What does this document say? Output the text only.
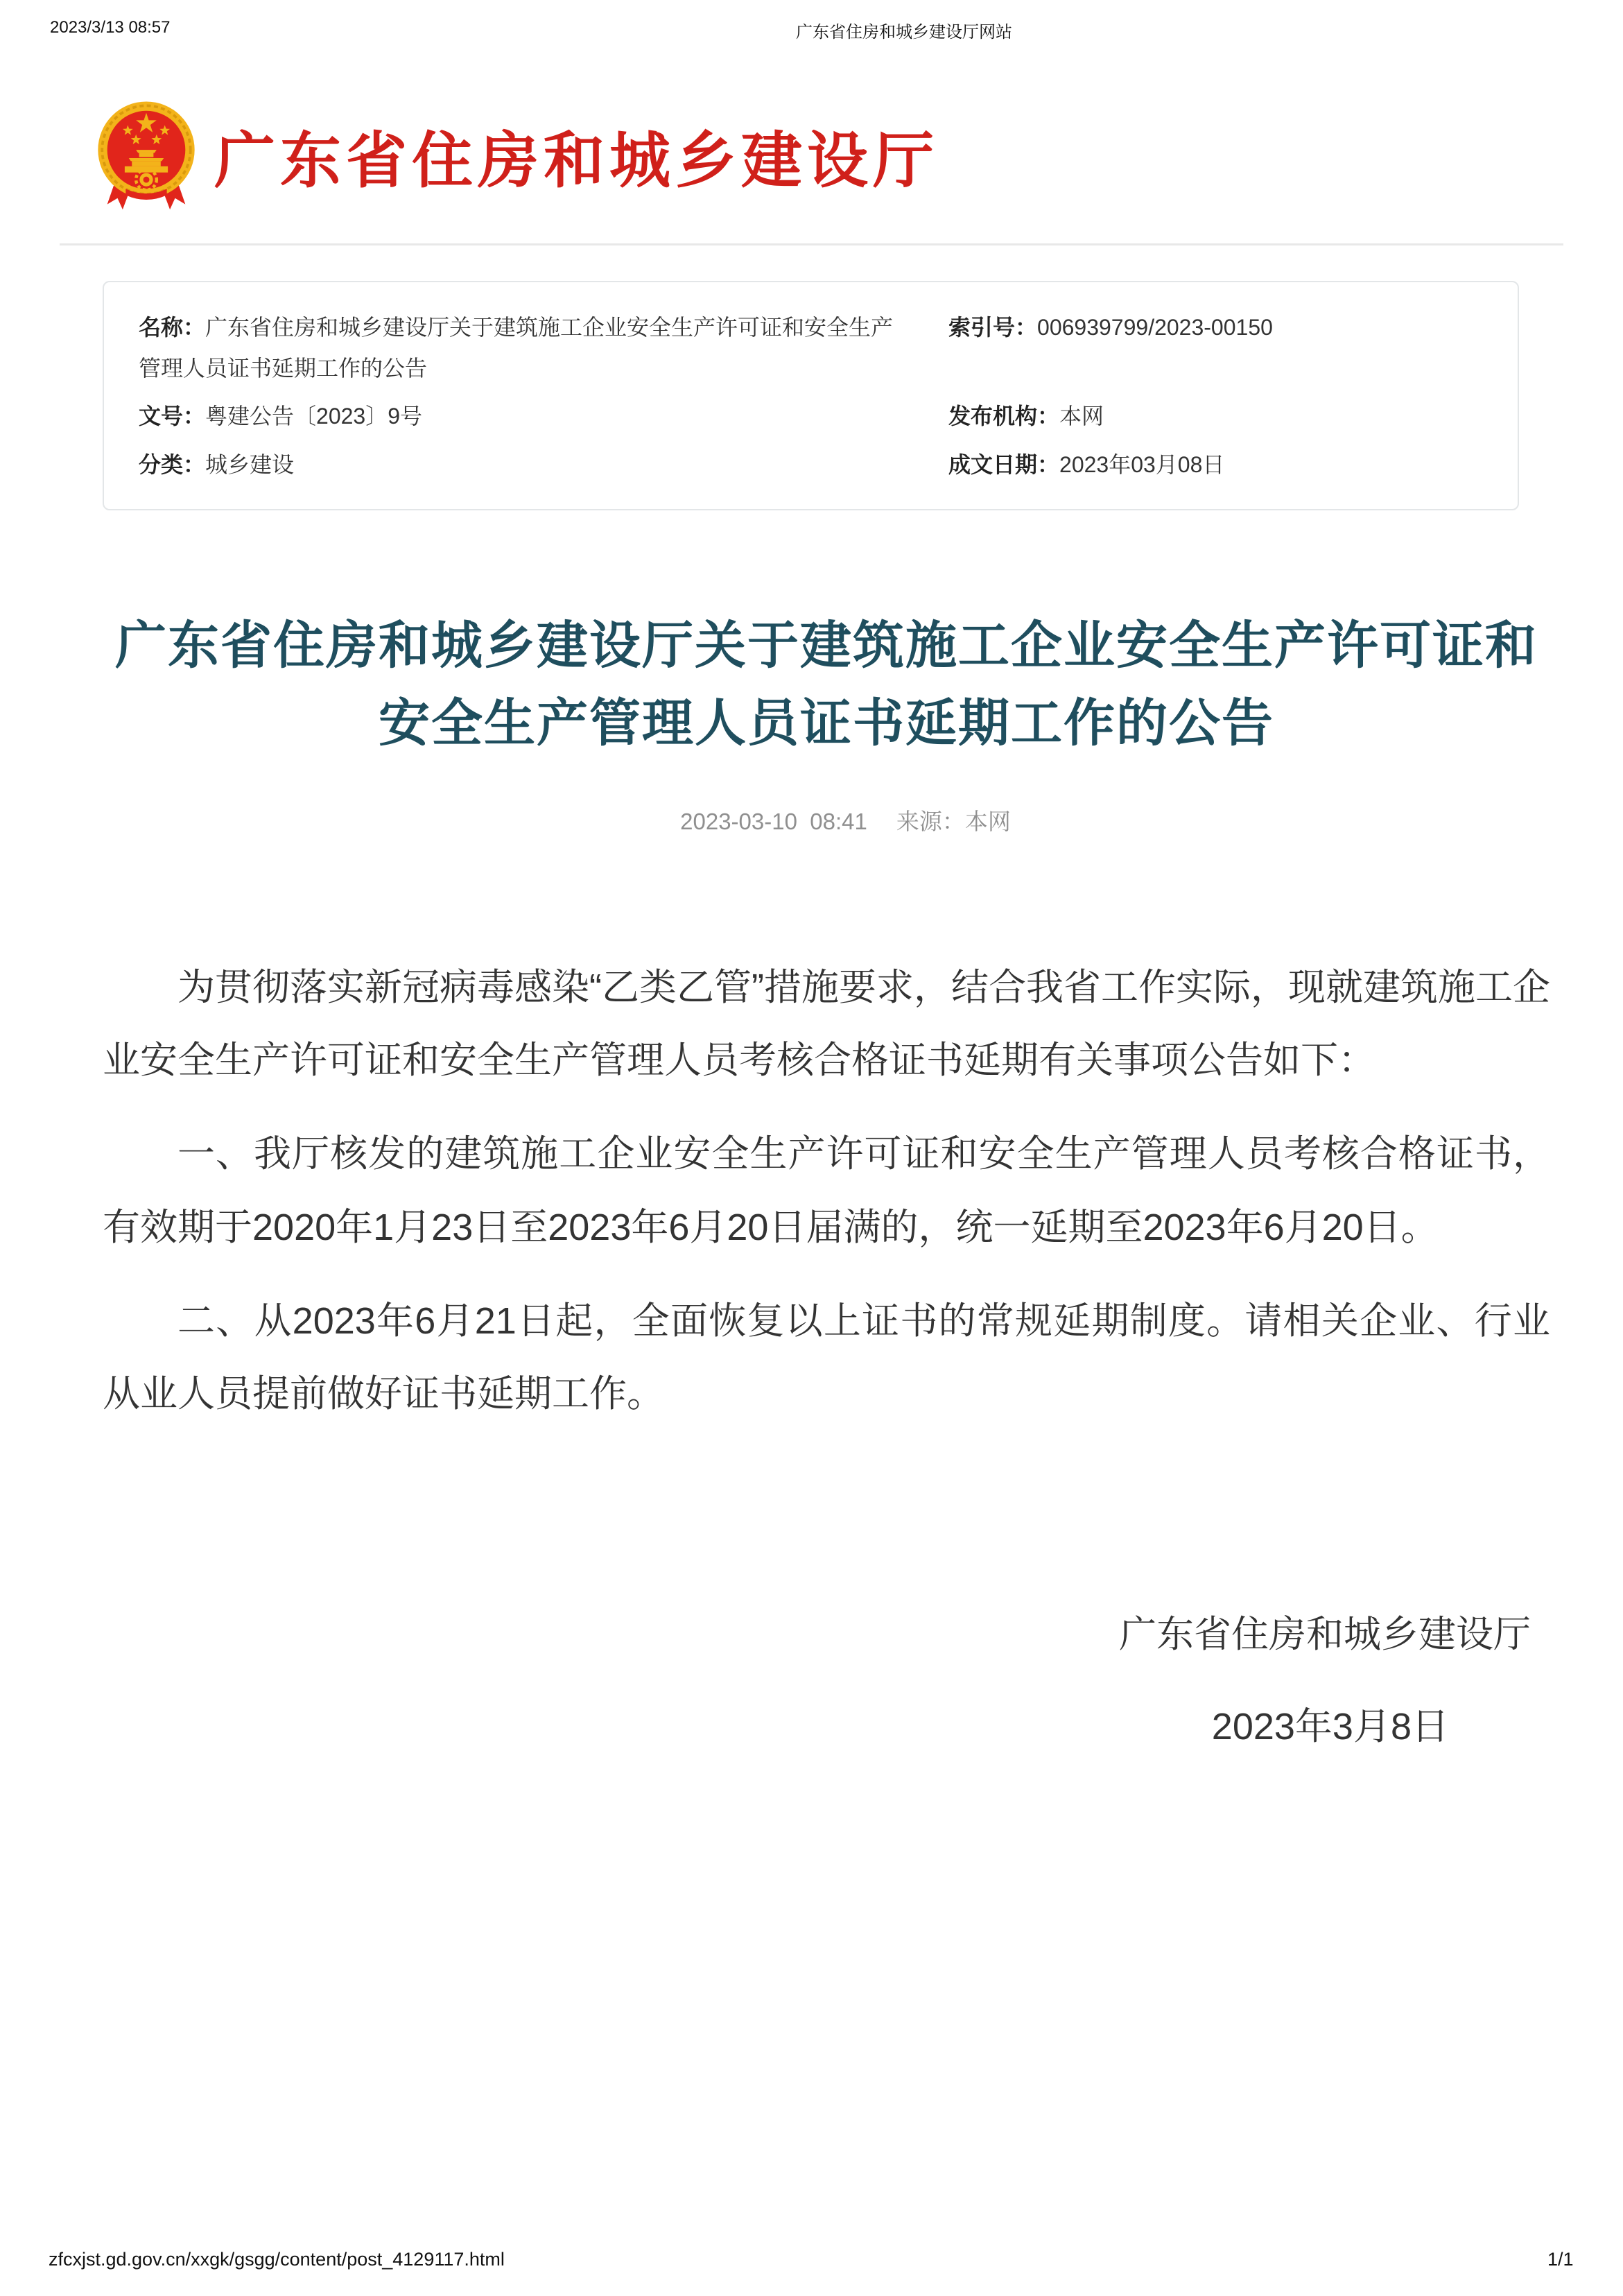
2023/3/13 08:57	广东省住房和城乡建设厅网站
广东省住房和城乡建设厅
名称：广东省住房和城乡建设厅关于建筑施工企业安全生产许可证和安全生产管理人员证书延期工作的公告
索引号：006939799/2023-00150
文号：粤建公告〔2023〕9号	发布机构：本网
分类：城乡建设	成文日期：2023年03月08日
广东省住房和城乡建设厅关于建筑施工企业安全生产许可证和
安全生产管理人员证书延期工作的公告

2023-03-10  08:41 来源：本网

为贯彻落实新冠病毒感染“乙类乙管”措施要求，结合我省工作实际，现就建筑施工企业安全生产许可证和安全生产管理人员考核合格证书延期有关事项公告如下：

一、我厅核发的建筑施工企业安全生产许可证和安全生产管理人员考核合格证书，有效期于2020年1月23日至2023年6月20日届满的，统一延期至2023年6月20日。

二、从2023年6月21日起，全面恢复以上证书的常规延期制度。请相关企业、行业从业人员提前做好证书延期工作。

广东省住房和城乡建设厅
2023年3月8日
zfcxjst.gd.gov.cn/xxgk/gsgg/content/post_4129117.html	1/1
